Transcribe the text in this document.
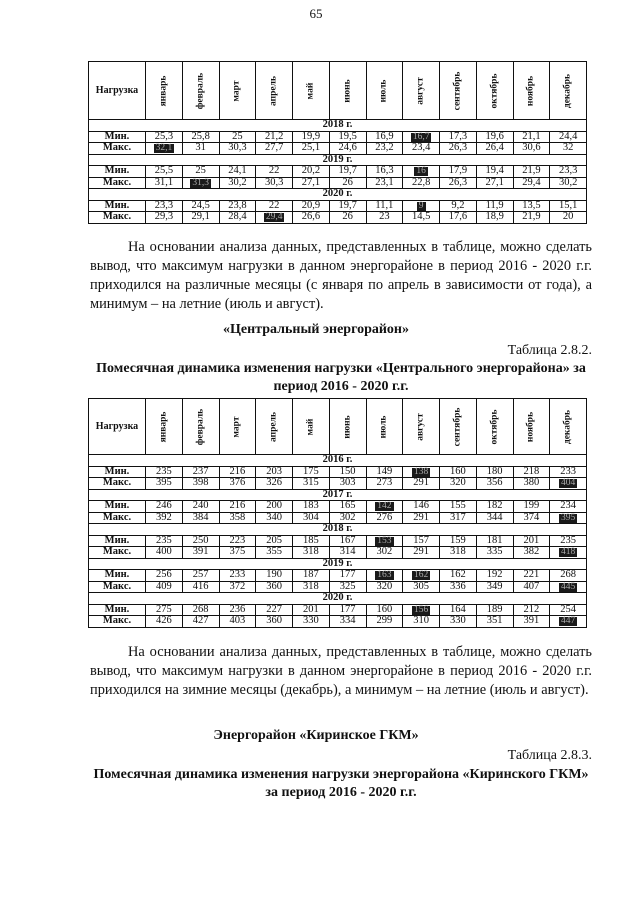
65
Нагрузка	январь	февраль	март	апрель	май	июнь	июль	август	сентябрь	октябрь	ноябрь	декабрь

2018 г.												
Мин.	25,3	25,8	25	21,2	19,9	19,5	16,9	16,7	17,3	19,6	21,1	24,4
Макс.	32,1	31	30,3	27,7	25,1	24,6	23,2	23,4	26,3	26,4	30,6	32
2019 г.												
Мин.	25,5	25	24,1	22	20,2	19,7	16,3	16	17,9	19,4	21,9	23,3
Макс.	31,1	31,3	30,2	30,3	27,1	26	23,1	22,8	26,3	27,1	29,4	30,2
2020 г.												
Мин.	23,3	24,5	23,8	22	20,9	19,7	11,1	9	9,2	11,9	13,5	15,1
Макс.	29,3	29,1	28,4	29,4	26,6	26	23	14,5	17,6	18,9	21,9	20

На основании анализа данных, представленных в таблице, можно сделать вывод, что максимум нагрузки в данном энергорайоне в период 2016 - 2020 г.г. приходился на различные месяцы (с января по апрель в зависимости от года), а минимум – на летние (июль и август).

«Центральный энергорайон»
Таблица 2.8.2.

Помесячная динамика изменения нагрузки «Центрального энергорайона» за период 2016 - 2020 г.г.

Нагрузка	январь	февраль	март	апрель	май	июнь	июль	август	сентябрь	октябрь	ноябрь	декабрь

2016 г.												
Мин.	235	237	216	203	175	150	149	138	160	180	218	233
Макс.	395	398	376	326	315	303	273	291	320	356	380	404
2017 г.												
Мин.	246	240	216	200	183	165	142	146	155	182	199	234
Макс.	392	384	358	340	304	302	276	291	317	344	374	395
2018 г.												
Мин.	235	250	223	205	185	167	153	157	159	181	201	235
Макс.	400	391	375	355	318	314	302	291	318	335	382	418
2019 г.												
Мин.	256	257	233	190	187	177	163	162	162	192	221	268
Макс.	409	416	372	360	318	325	320	305	336	349	407	445
2020 г.												
Мин.	275	268	236	227	201	177	160	156	164	189	212	254
Макс.	426	427	403	360	330	334	299	310	330	351	391	447

На основании анализа данных, представленных в таблице, можно сделать вывод, что максимум нагрузки в данном энергорайоне в период 2016 - 2020 г.г. приходился на зимние месяцы (декабрь), а минимум – на летние (июль и август).

Энергорайон «Киринское ГКМ»
Таблица 2.8.3.

Помесячная динамика изменения нагрузки энергорайона «Киринского ГКМ» за период 2016 - 2020 г.г.
